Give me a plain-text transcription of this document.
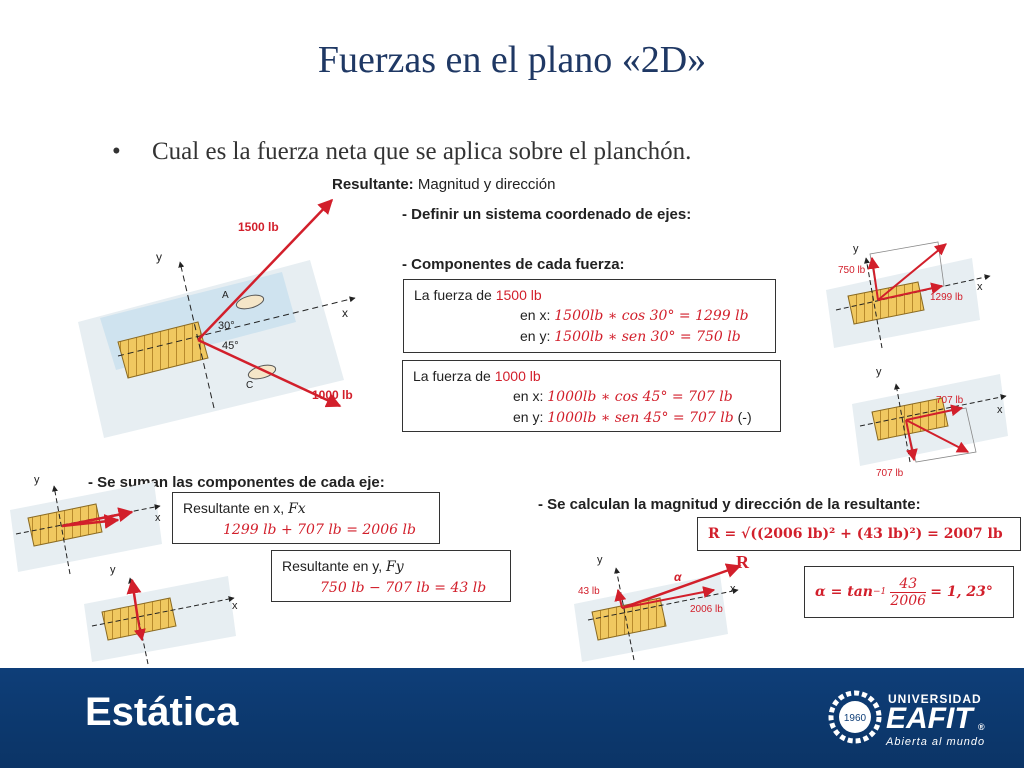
Fuerzas en el plano «2D»
• Cual es la fuerza neta que se aplica sobre el planchón.
Resultante: Magnitud y dirección
- Definir un sistema coordenado de ejes:
- Componentes de cada fuerza:
- Se suman las componentes de cada eje:
- Se calculan la magnitud y dirección de la resultante:
1500 lb
1000 lb
y
x
30°
45°
A
C
La fuerza de 1500 lb
en x: 1500lb ∗ cos 30° = 1299 lb
en y: 1500lb ∗ sen 30° = 750 lb
La fuerza de 1000 lb
en x: 1000lb ∗ cos 45° = 707 lb
en y: 1000lb ∗ sen 45° = 707 lb (-)
Resultante en x, Fx
1299 lb + 707 lb = 2006 lb
Resultante en y, Fy
750 lb − 707 lb = 43 lb
R = √((2006 lb)² + (43 lb)²) = 2007 lb
α = tan −1
43
2006
= 1, 23°
y
x
750 lb
1299 lb
y
x
707 lb
707 lb
y
x
y
x
y
x
43 lb
2006 lb
α
R
Estática	1960
UNIVERSIDAD
EAFIT ®
Abierta al mundo
